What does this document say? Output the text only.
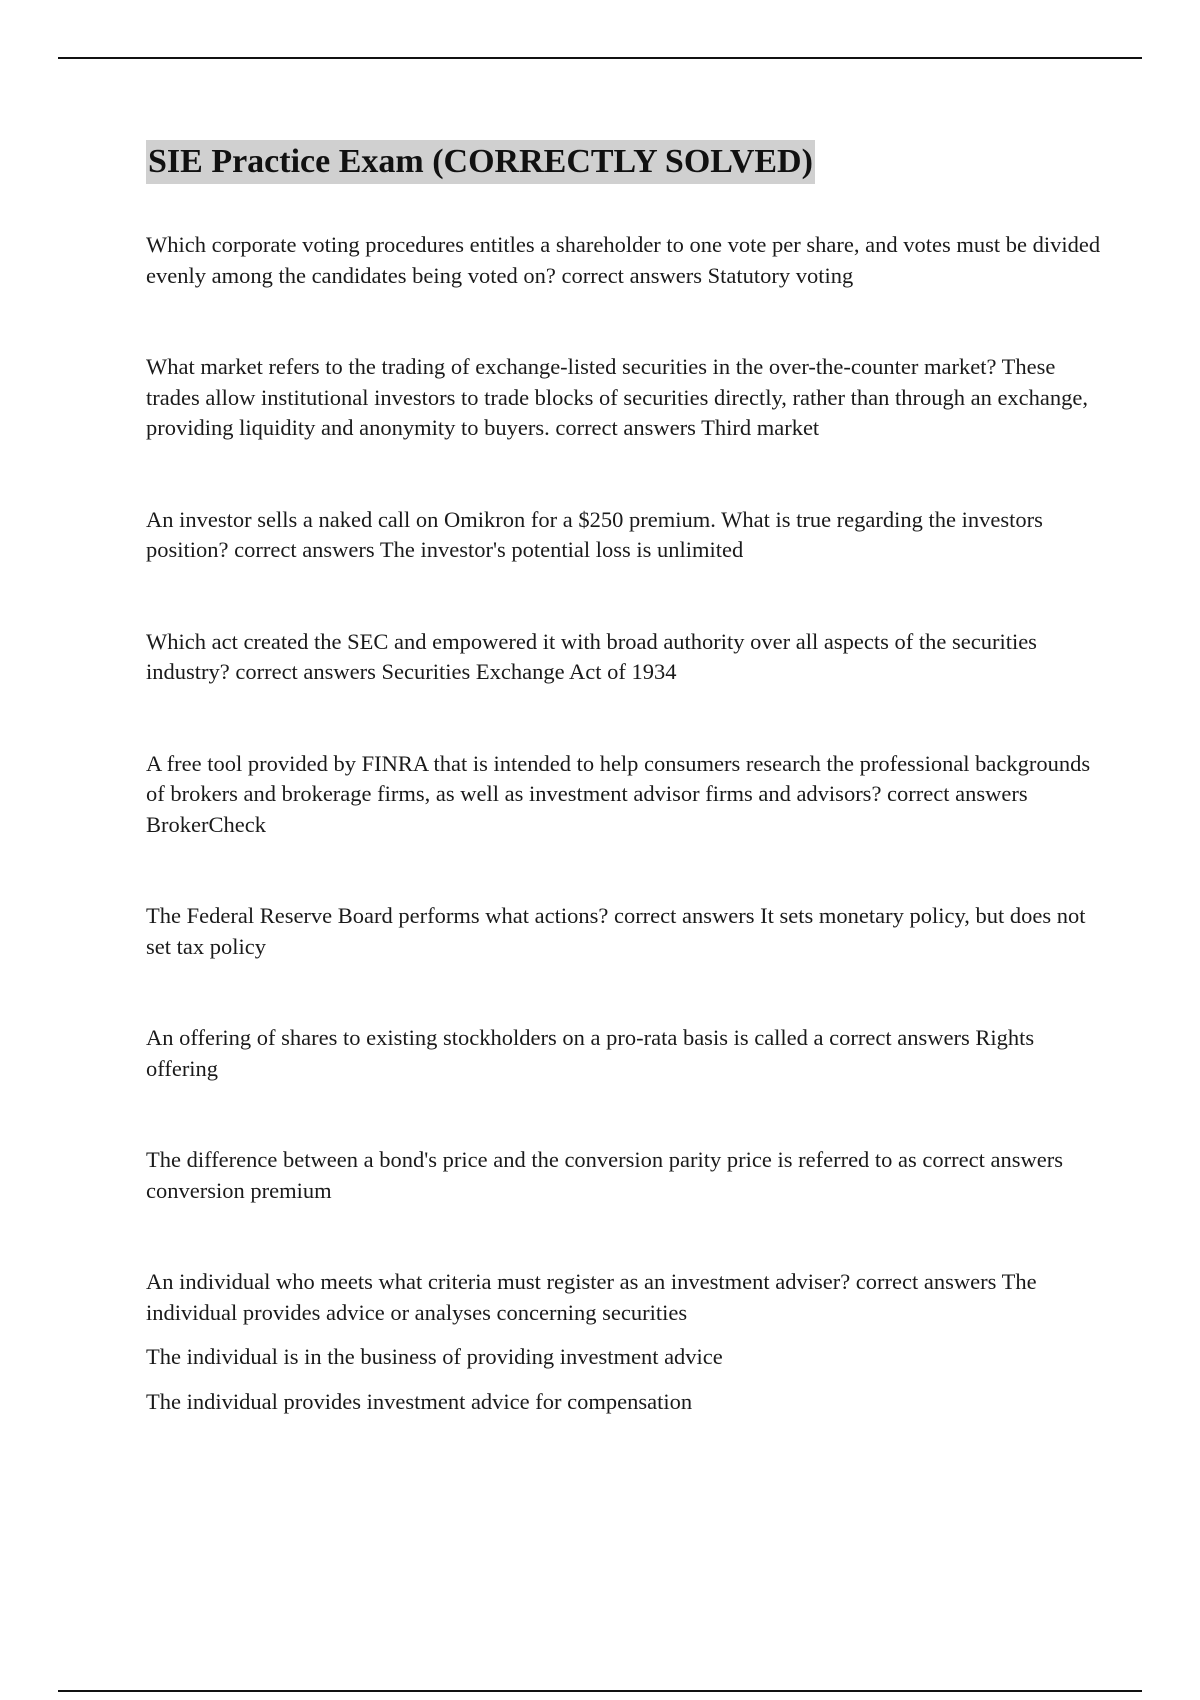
SIE Practice Exam (CORRECTLY SOLVED)

Which corporate voting procedures entitles a shareholder to one vote per share, and votes must be divided evenly among the candidates being voted on? correct answers Statutory voting

What market refers to the trading of exchange-listed securities in the over-the-counter market? These trades allow institutional investors to trade blocks of securities directly, rather than through an exchange, providing liquidity and anonymity to buyers. correct answers Third market

An investor sells a naked call on Omikron for a $250 premium. What is true regarding the investors position? correct answers The investor's potential loss is unlimited

Which act created the SEC and empowered it with broad authority over all aspects of the securities industry? correct answers Securities Exchange Act of 1934

A free tool provided by FINRA that is intended to help consumers research the professional backgrounds of brokers and brokerage firms, as well as investment advisor firms and advisors? correct answers BrokerCheck

The Federal Reserve Board performs what actions? correct answers It sets monetary policy, but does not set tax policy

An offering of shares to existing stockholders on a pro-rata basis is called a correct answers Rights offering

The difference between a bond's price and the conversion parity price is referred to as correct answers conversion premium

An individual who meets what criteria must register as an investment adviser? correct answers The individual provides advice or analyses concerning securities

The individual is in the business of providing investment advice

The individual provides investment advice for compensation
